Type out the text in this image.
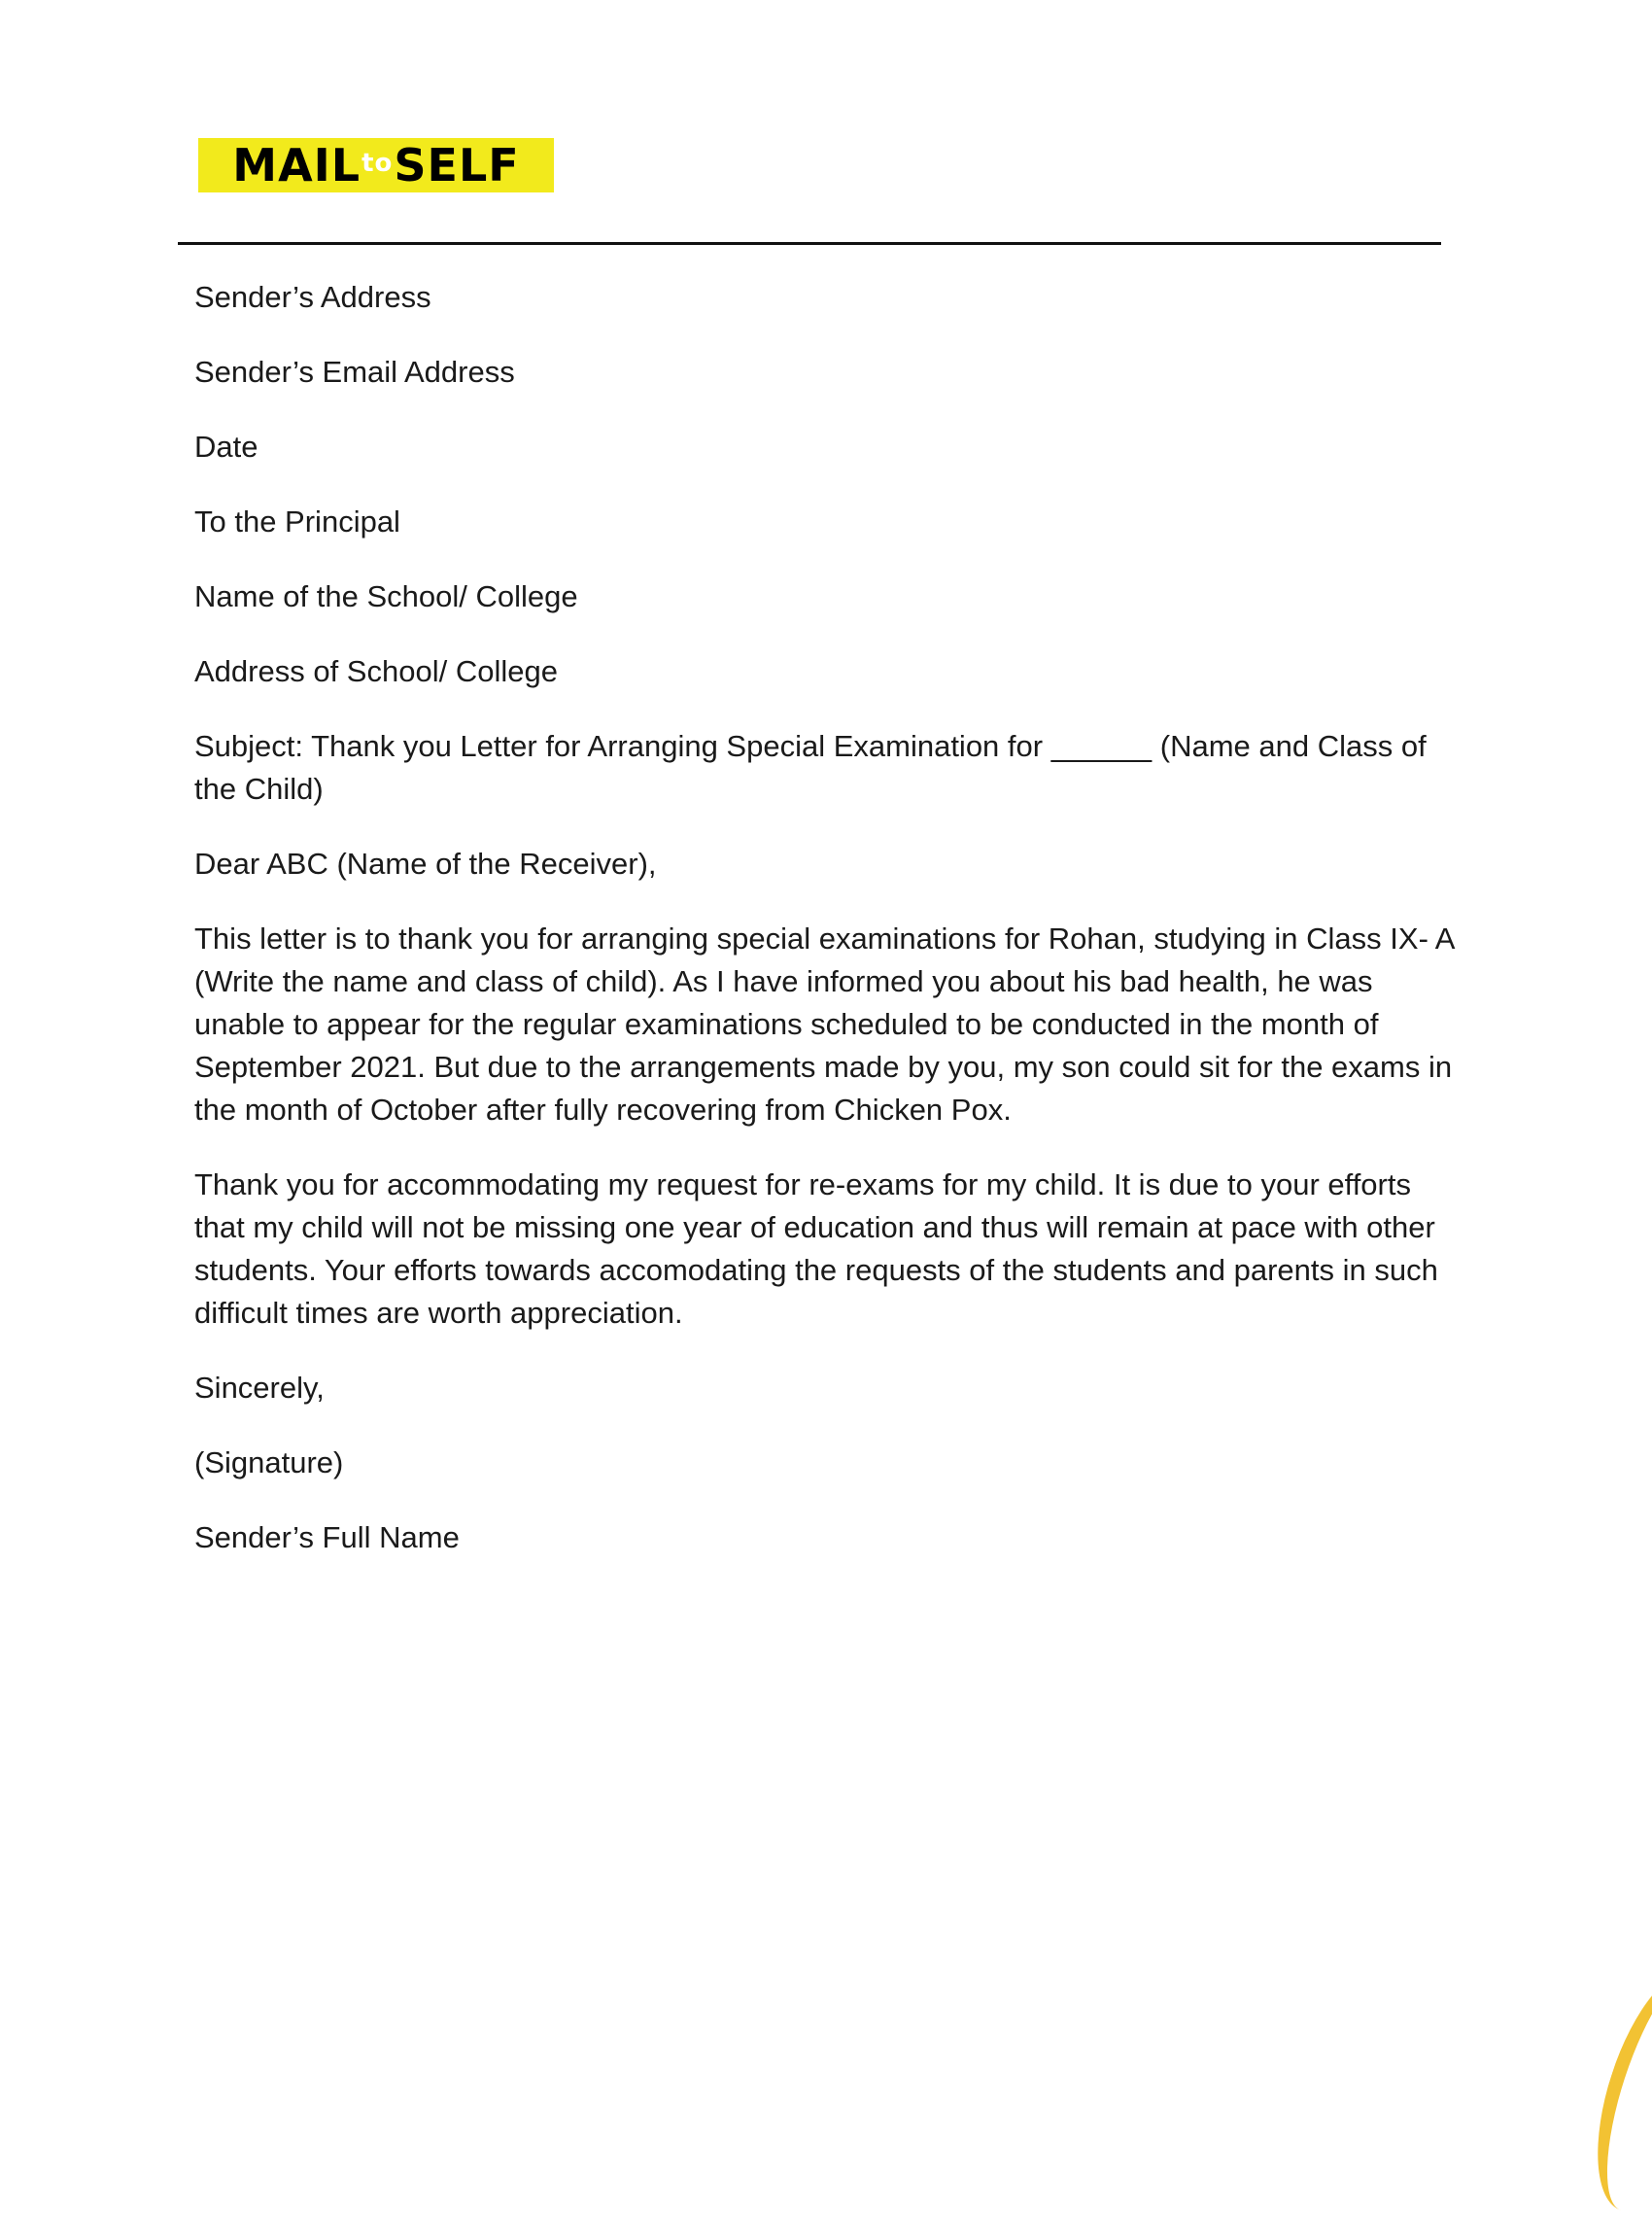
MAIL to SELF

Sender’s Address

Sender’s Email Address

Date

To the Principal

Name of the School/ College

Address of School/ College

Subject: Thank you Letter for Arranging Special Examination for ______ (Name and Class of the Child)

Dear ABC (Name of the Receiver),

This letter is to thank you for arranging special examinations for Rohan, studying in Class IX- A (Write the name and class of child). As I have informed you about his bad health, he was unable to appear for the regular examinations scheduled to be conducted in the month of September 2021. But due to the arrangements made by you, my son could sit for the exams in the month of October after fully recovering from Chicken Pox.

Thank you for accommodating my request for re-exams for my child. It is due to your efforts that my child will not be missing one year of education and thus will remain at pace with other students. Your efforts towards accomodating the requests of the students and parents in such difficult times are worth appreciation.

Sincerely,

(Signature)

Sender’s Full Name
